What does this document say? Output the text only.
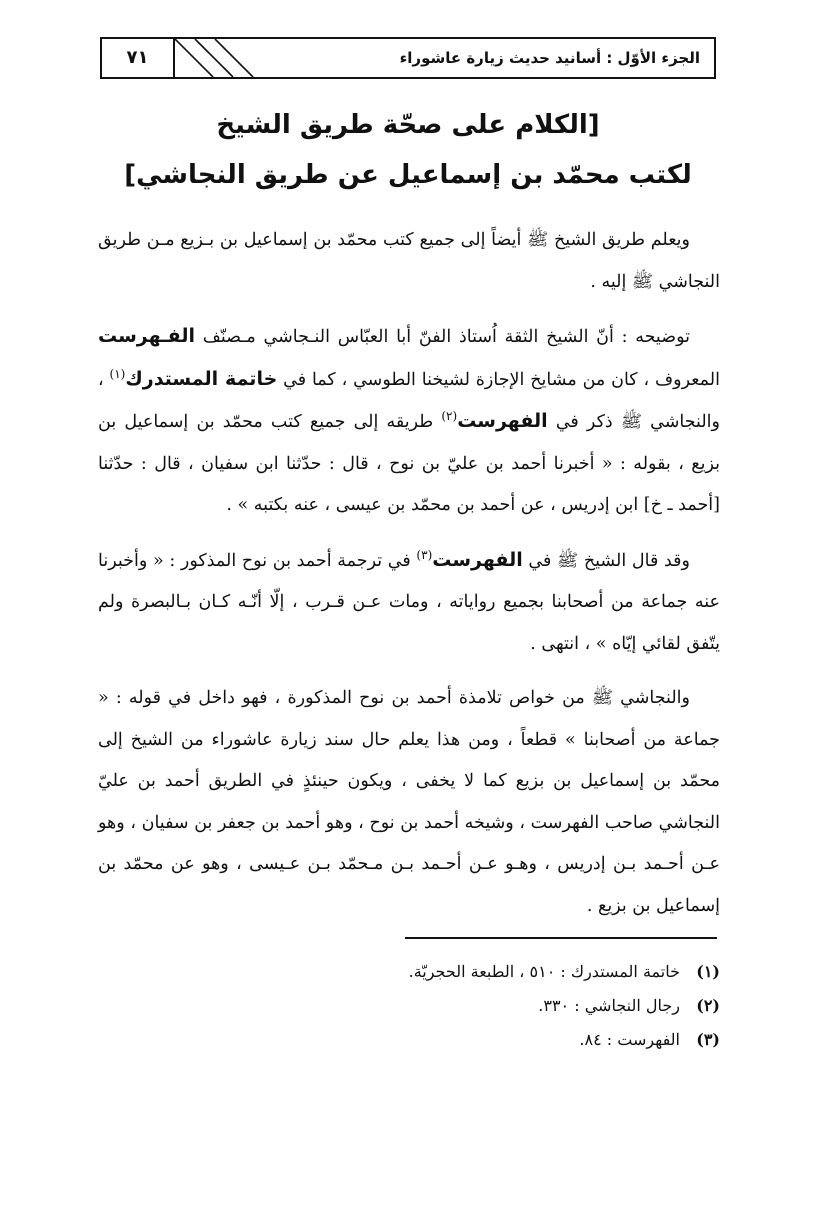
الجزء الأوّل : أسانيد حديث زيارة عاشوراء
٧١
[الكلام على صحّة طريق الشيخ
لكتب محمّد بن إسماعيل عن طريق النجاشي]

ويعلم طريق الشيخ ﷺ أيضاً إلى جميع كتب محمّد بن إسماعيل بن بـزيع مـن طريق النجاشي ﷺ إليه .

توضيحه : أنّ الشيخ الثقة اُستاذ الفنّ أبا العبّاس النـجاشي مـصنّف الفـهرست المعروف ، كان من مشايخ الإجازة لشيخنا الطوسي ، كما في خاتمة المستدرك$^{(١)}$ ، والنجاشي ﷺ ذكر في الفهرست$^{(٢)}$ طريقه إلى جميع كتب محمّد بن إسماعيل بن بزيع ، بقوله : « أخبرنا أحمد بن عليّ بن نوح ، قال : حدّثنا ابن سفيان ، قال : حدّثنا [أحمد ـ خ] ابن إدريس ، عن أحمد بن محمّد بن عيسى ، عنه بكتبه » .

وقد قال الشيخ ﷺ في الفهرست$^{(٣)}$ في ترجمة أحمد بن نوح المذكور : « وأخبرنا عنه جماعة من أصحابنا بجميع رواياته ، ومات عـن قـرب ، إلّا أنّـه كـان بـالبصرة ولم يتّفق لقائي إيّاه » ، انتهى .

والنجاشي ﷺ من خواص تلامذة أحمد بن نوح المذكورة ، فهو داخل في قوله : « جماعة من أصحابنا » قطعاً ، ومن هذا يعلم حال سند زيارة عاشوراء من الشيخ إلى محمّد بن إسماعيل بن بزيع كما لا يخفى ، ويكون حينئذٍ في الطريق أحمد بن عليّ النجاشي صاحب الفهرست ، وشيخه أحمد بن نوح ، وهو أحمد بن جعفر بن سفيان ، وهو عـن أحـمد بـن إدريس ، وهـو عـن أحـمد بـن مـحمّد بـن عـيسى ، وهو عن محمّد بن إسماعيل بن بزيع .

(١)خاتمة المستدرك : ٥١٠ ، الطبعة الحجريّة.
(٢)رجال النجاشي : ٣٣٠.
(٣)الفهرست : ٨٤.
